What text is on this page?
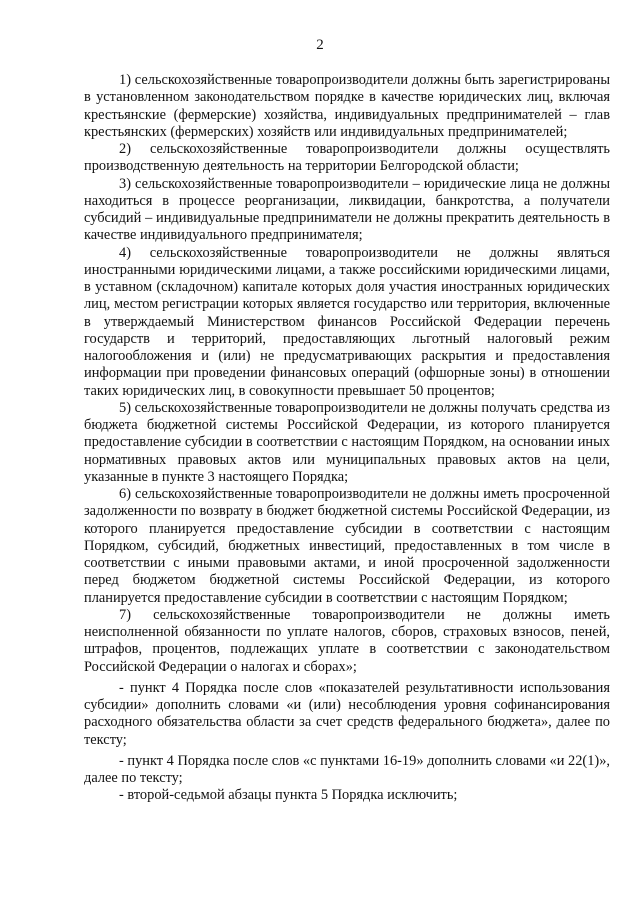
2

1) сельскохозяйственные товаропроизводители должны быть зарегистрированы в установленном законодательством порядке в качестве юридических лиц, включая крестьянские (фермерские) хозяйства, индивидуальных предпринимателей – глав крестьянских (фермерских) хозяйств или индивидуальных предпринимателей;

2) сельскохозяйственные товаропроизводители должны осуществлять производственную деятельность на территории Белгородской области;

3) сельскохозяйственные товаропроизводители – юридические лица не должны находиться в процессе реорганизации, ликвидации, банкротства, а получатели субсидий – индивидуальные предприниматели не должны прекратить деятельность в качестве индивидуального предпринимателя;

4) сельскохозяйственные товаропроизводители не должны являться иностранными юридическими лицами, а также российскими юридическими лицами, в уставном (складочном) капитале которых доля участия иностранных юридических лиц, местом регистрации которых является государство или территория, включенные в утверждаемый Министерством финансов Российской Федерации перечень государств и территорий, предоставляющих льготный налоговый режим налогообложения и (или) не предусматривающих раскрытия и предоставления информации при проведении финансовых операций (офшорные зоны) в отношении таких юридических лиц, в совокупности превышает 50 процентов;

5) сельскохозяйственные товаропроизводители не должны получать средства из бюджета бюджетной системы Российской Федерации, из которого планируется предоставление субсидии в соответствии с настоящим Порядком, на основании иных нормативных правовых актов или муниципальных правовых актов на цели, указанные в пункте 3 настоящего Порядка;

6) сельскохозяйственные товаропроизводители не должны иметь просроченной задолженности по возврату в бюджет бюджетной системы Российской Федерации, из которого планируется предоставление субсидии в соответствии с настоящим Порядком, субсидий, бюджетных инвестиций, предоставленных в том числе в соответствии с иными правовыми актами, и иной просроченной задолженности перед бюджетом бюджетной системы Российской Федерации, из которого планируется предоставление субсидии в соответствии с настоящим Порядком;

7) сельскохозяйственные товаропроизводители не должны иметь неисполненной обязанности по уплате налогов, сборов, страховых взносов, пеней, штрафов, процентов, подлежащих уплате в соответствии с законодательством Российской Федерации о налогах и сборах»;

- пункт 4 Порядка после слов «показателей результативности использования субсидии» дополнить словами «и (или) несоблюдения уровня софинансирования расходного обязательства области за счет средств федерального бюджета», далее по тексту;

- пункт 4 Порядка после слов «с пунктами 16-19» дополнить словами «и 22(1)», далее по тексту;

- второй-седьмой абзацы пункта 5 Порядка исключить;
